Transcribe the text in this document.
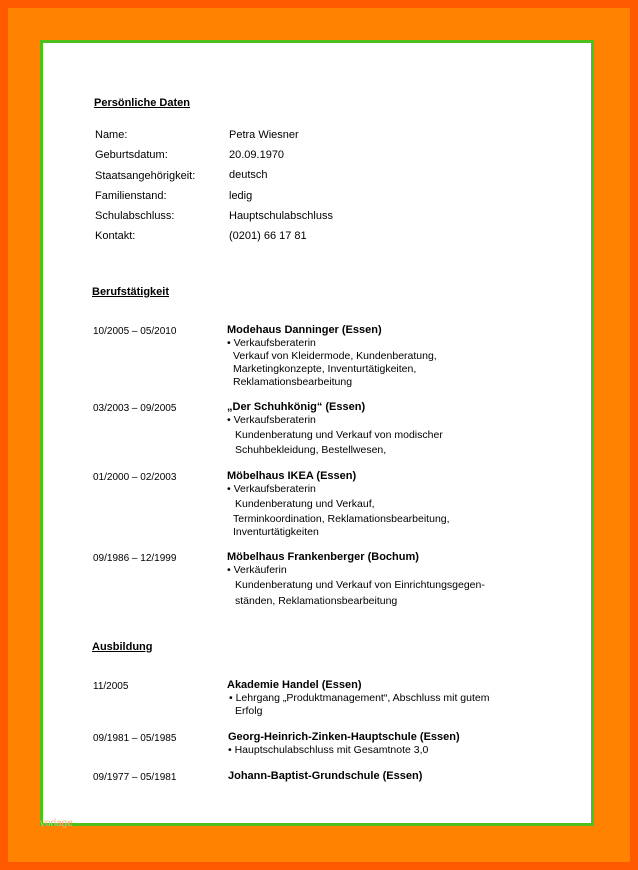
Persönliche Daten
Name:	Petra Wiesner
Geburtsdatum:	20.09.1970
Staatsangehörigkeit:	deutsch
Familienstand:	ledig
Schulabschluss:	Hauptschulabschluss
Kontakt:	(0201) 66 17 81
Berufstätigkeit
10/2005 – 05/2010	Modehaus Danninger (Essen)
• Verkaufsberaterin
Verkauf von Kleidermode, Kundenberatung,
Marketingkonzepte, Inventurtätigkeiten,
Reklamationsbearbeitung
03/2003 – 09/2005	„Der Schuhkönig“ (Essen)
• Verkaufsberaterin
Kundenberatung und Verkauf von modischer
Schuhbekleidung, Bestellwesen,
01/2000 – 02/2003	Möbelhaus IKEA (Essen)
• Verkaufsberaterin
Kundenberatung und Verkauf,
Terminkoordination, Reklamationsbearbeitung,
Inventurtätigkeiten
09/1986 – 12/1999	Möbelhaus Frankenberger (Bochum)
• Verkäuferin
Kundenberatung und Verkauf von Einrichtungsgegen-
ständen, Reklamationsbearbeitung
Ausbildung
11/2005	Akademie Handel (Essen)
• Lehrgang „Produktmanagement“, Abschluss mit gutem
Erfolg
09/1981 – 05/1985	Georg-Heinrich-Zinken-Hauptschule (Essen)
• Hauptschulabschluss mit Gesamtnote 3,0
09/1977 – 05/1981	Johann-Baptist-Grundschule (Essen)
vorlage
